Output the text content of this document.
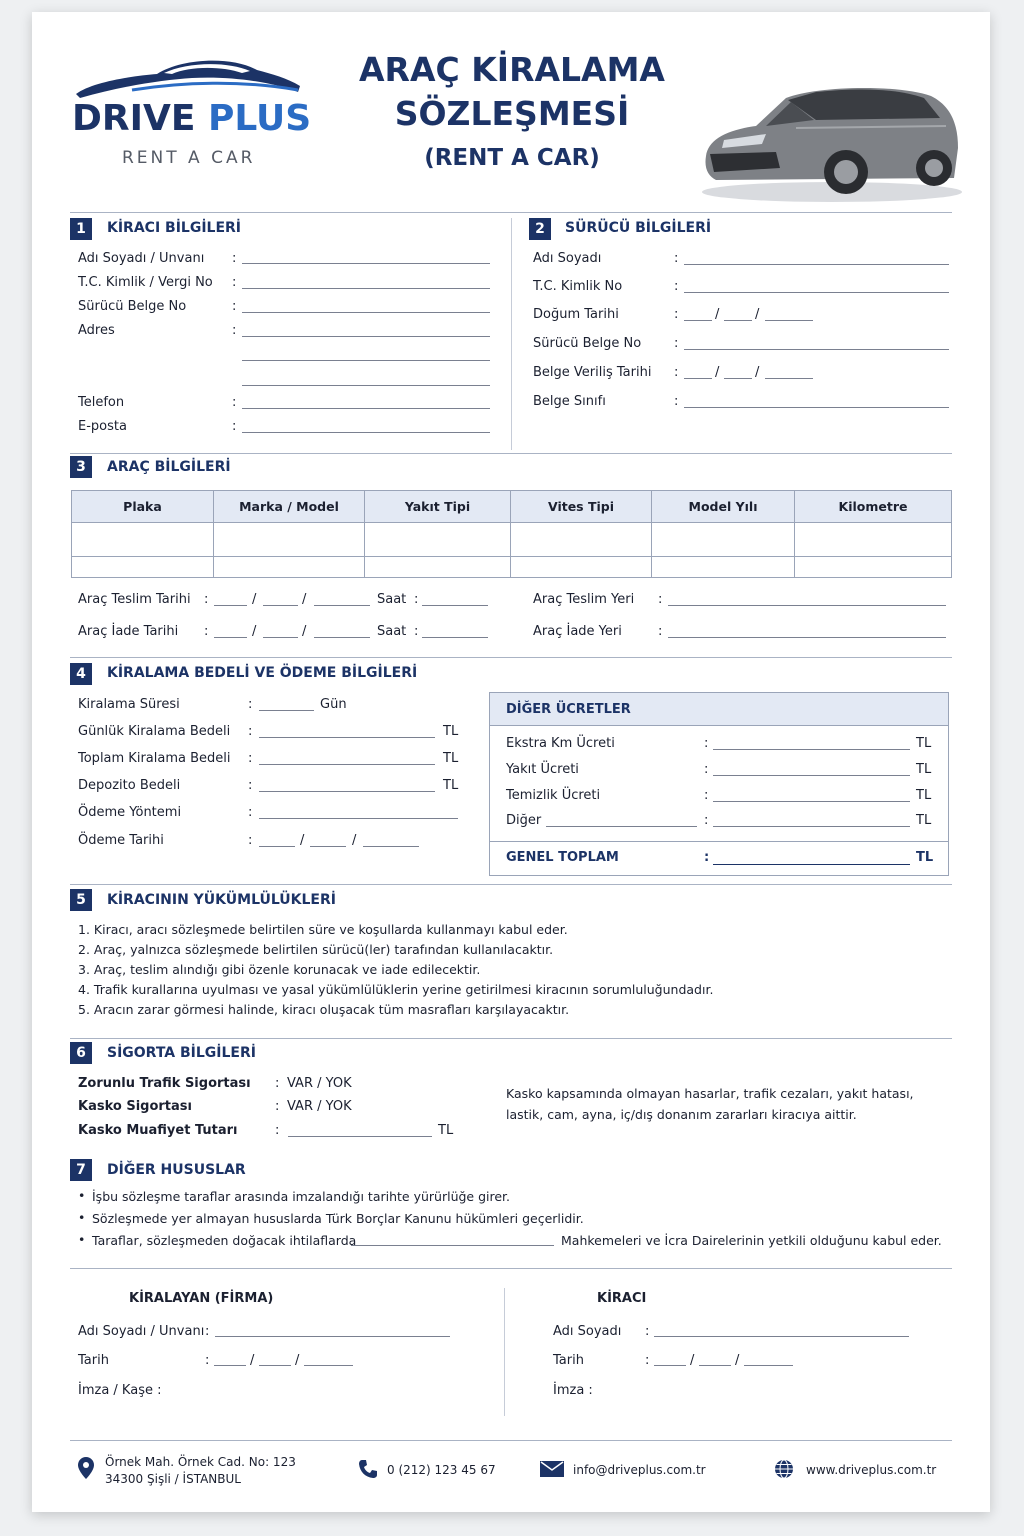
DRIVE PLUS
RENT A CAR
ARAÇ KİRALAMA
SÖZLEŞMESİ
(RENT A CAR)
1	KİRACI BİLGİLERİ
Adı Soyadı / Unvanı :
T.C. Kimlik / Vergi No :
Sürücü Belge No	:
Adres	:
Telefon	:
E-posta	:
2	SÜRÜCÜ BİLGİLERİ
Adı Soyadı	:
T.C. Kimlik No	:
Doğum Tarihi	:	/	/
Sürücü Belge No	:
Belge Veriliş Tarihi :	/	/
Belge Sınıfı	:
3	ARAÇ BİLGİLERİ
Plaka	Marka / Model	Yakıt Tipi	Vites Tipi	Model Yılı	Kilometre

Araç Teslim Tarihi :	/	/	Saat :	Araç Teslim Yeri :
Araç İade Tarihi :	/	/	Saat :	Araç İade Yeri	:
4	KİRALAMA BEDELİ VE ÖDEME BİLGİLERİ
Kiralama Süresi	:	Gün
Günlük Kiralama Bedeli :	TL
Toplam Kiralama Bedeli :	TL
Depozito Bedeli	:	TL
Ödeme Yöntemi	:
Ödeme Tarihi	:	/	/
DİĞER ÜCRETLER
Ekstra Km Ücreti	:	TL
Yakıt Ücreti	:	TL
Temizlik Ücreti	:	TL
Diğer	:	TL
GENEL TOPLAM	:	TL
5	KİRACININ YÜKÜMLÜLÜKLERİ
1. Kiracı, aracı sözleşmede belirtilen süre ve koşullarda kullanmayı kabul eder.
2. Araç, yalnızca sözleşmede belirtilen sürücü(ler) tarafından kullanılacaktır.
3. Araç, teslim alındığı gibi özenle korunacak ve iade edilecektir.
4. Trafik kurallarına uyulması ve yasal yükümlülüklerin yerine getirilmesi kiracının sorumluluğundadır.
5. Aracın zarar görmesi halinde, kiracı oluşacak tüm masrafları karşılayacaktır.
6	SİGORTA BİLGİLERİ
Zorunlu Trafik Sigortası : VAR / YOK
Kasko Sigortası	: VAR / YOK
Kasko Muafiyet Tutarı	:	TL
Kasko kapsamında olmayan hasarlar, trafik cezaları, yakıt hatası, lastik, cam, ayna, iç/dış donanım zararları kiracıya aittir.
7	DİĞER HUSUSLAR
• İşbu sözleşme taraflar arasında imzalandığı tarihte yürürlüğe girer.
• Sözleşmede yer almayan hususlarda Türk Borçlar Kanunu hükümleri geçerlidir.
• Taraflar, sözleşmeden doğacak ihtilaflarda	Mahkemeleri ve İcra Dairelerinin yetkili olduğunu kabul eder.
KİRALAYAN (FİRMA)
Adı Soyadı / Unvanı :
Tarih	:	/	/
İmza / Kaşe :
KİRACI
Adı Soyadı :
Tarih	:	/	/
İmza :
Örnek Mah. Örnek Cad. No: 123
34300 Şişli / İSTANBUL
0 (212) 123 45 67	info@driveplus.com.tr	www.driveplus.com.tr
